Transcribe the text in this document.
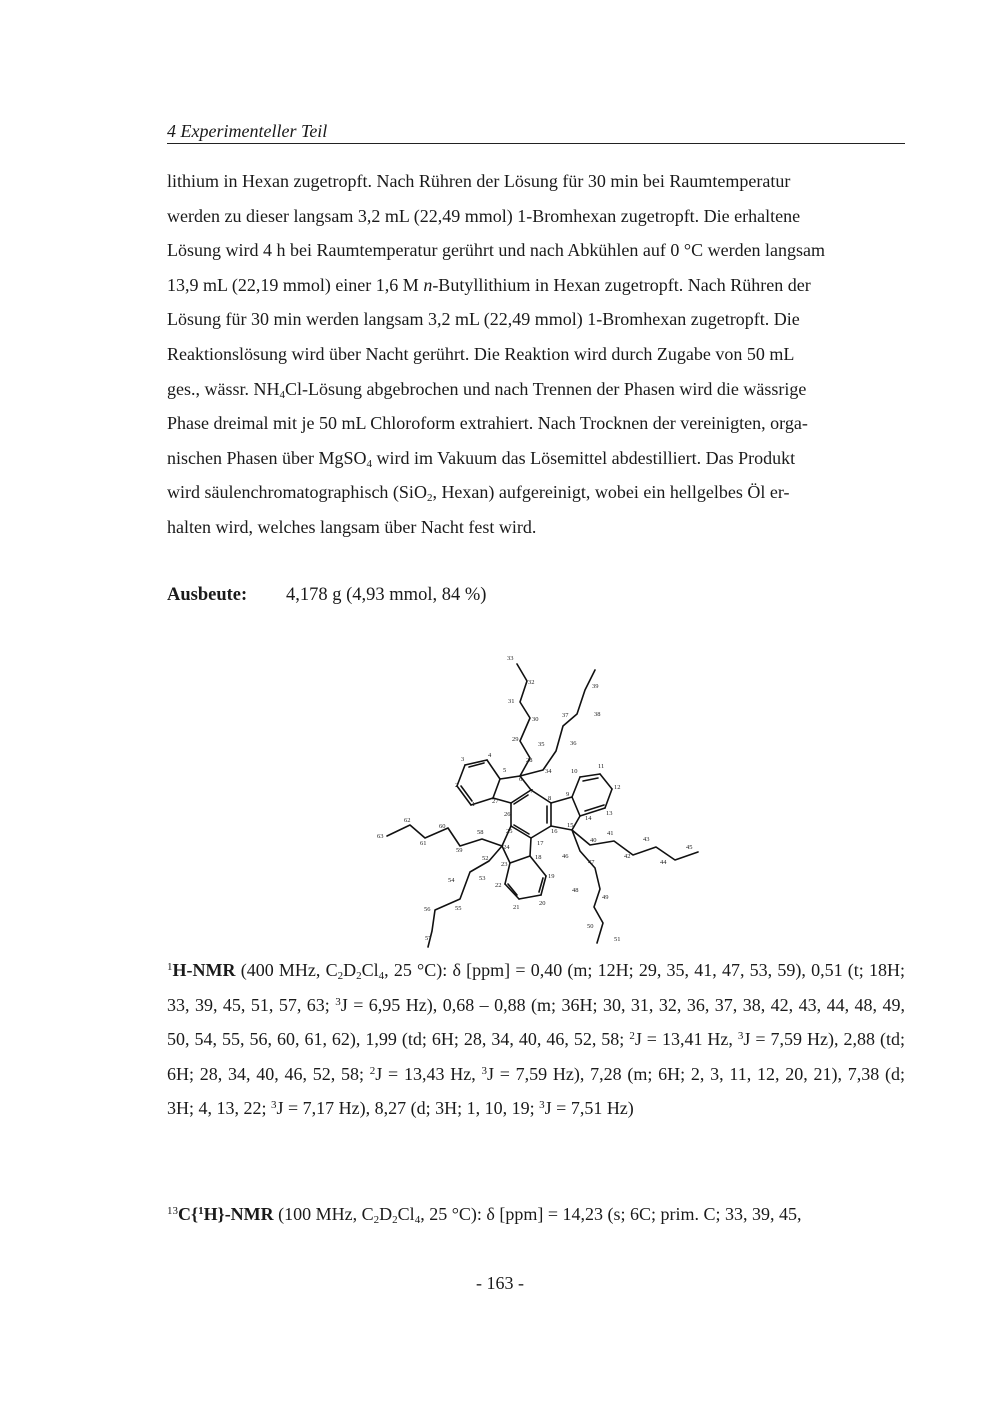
4 Experimenteller Teil

lithium in Hexan zugetropft. Nach Rühren der Lösung für 30 min bei Raumtemperatur

werden zu dieser langsam 3,2 mL (22,49 mmol) 1-Bromhexan zugetropft. Die erhaltene

Lösung wird 4 h bei Raumtemperatur gerührt und nach Abkühlen auf 0 °C werden langsam

13,9 mL (22,19 mmol) einer 1,6 M n-Butyllithium in Hexan zugetropft. Nach Rühren der

Lösung für 30 min werden langsam 3,2 mL (22,49 mmol) 1-Bromhexan zugetropft. Die

Reaktionslösung wird über Nacht gerührt. Die Reaktion wird durch Zugabe von 50 mL

ges., wässr. $NH_4Cl$-Lösung abgebrochen und nach Trennen der Phasen wird die wässrige

Phase dreimal mit je 50 mL Chloroform extrahiert. Nach Trocknen der vereinigten, orga-

nischen Phasen über MgSO$_4$ wird im Vakuum das Lösemittel abdestilliert. Das Produkt

wird säulenchromatographisch (SiO$_2$, Hexan) aufgereinigt, wobei ein hellgelbes Öl er-

halten wird, welches langsam über Nacht fest wird.

Ausbeute: 4,178 g (4,93 mmol, 84 %)
1
2
3
4
5
6
7
8
9
10
11
12
13
14
15
16
17
18
19
20
21
22
23
24
25
26
27
28
29
30
31
32
33
34
35	36
37	38
39
40
41
42
43
44
45
46
47
48
49
50
51
52
53
54
55
56
57
58
59
60
61
62
63
$^1$H-NMR (400 MHz, $C_2D_2Cl_4$, 25 °C): δ [ppm] = 0,40 (m; 12H; 29, 35, 41, 47, 53, 59), 0,51 (t; 18H; 33, 39, 45, 51, 57, 63; $^3$J = 6,95 Hz), 0,68 – 0,88 (m; 36H; 30, 31, 32, 36, 37, 38, 42, 43, 44, 48, 49, 50, 54, 55, 56, 60, 61, 62), 1,99 (td; 6H; 28, 34, 40, 46, 52, 58; $^2$J = 13,41 Hz, $^3$J = 7,59 Hz), 2,88 (td; 6H; 28, 34, 40, 46, 52, 58; $^2$J = 13,43 Hz, $^3$J = 7,59 Hz), 7,28 (m; 6H; 2, 3, 11, 12, 20, 21), 7,38 (d; 3H; 4, 13, 22; $^3$J = 7,17 Hz), 8,27 (d; 3H; 1, 10, 19; $^3$J = 7,51 Hz)
$^{13}$C{$^1$H}-NMR (100 MHz, $C_2D_2Cl_4$, 25 °C): δ [ppm] = 14,23 (s; 6C; prim. C; 33, 39, 45,
- 163 -
